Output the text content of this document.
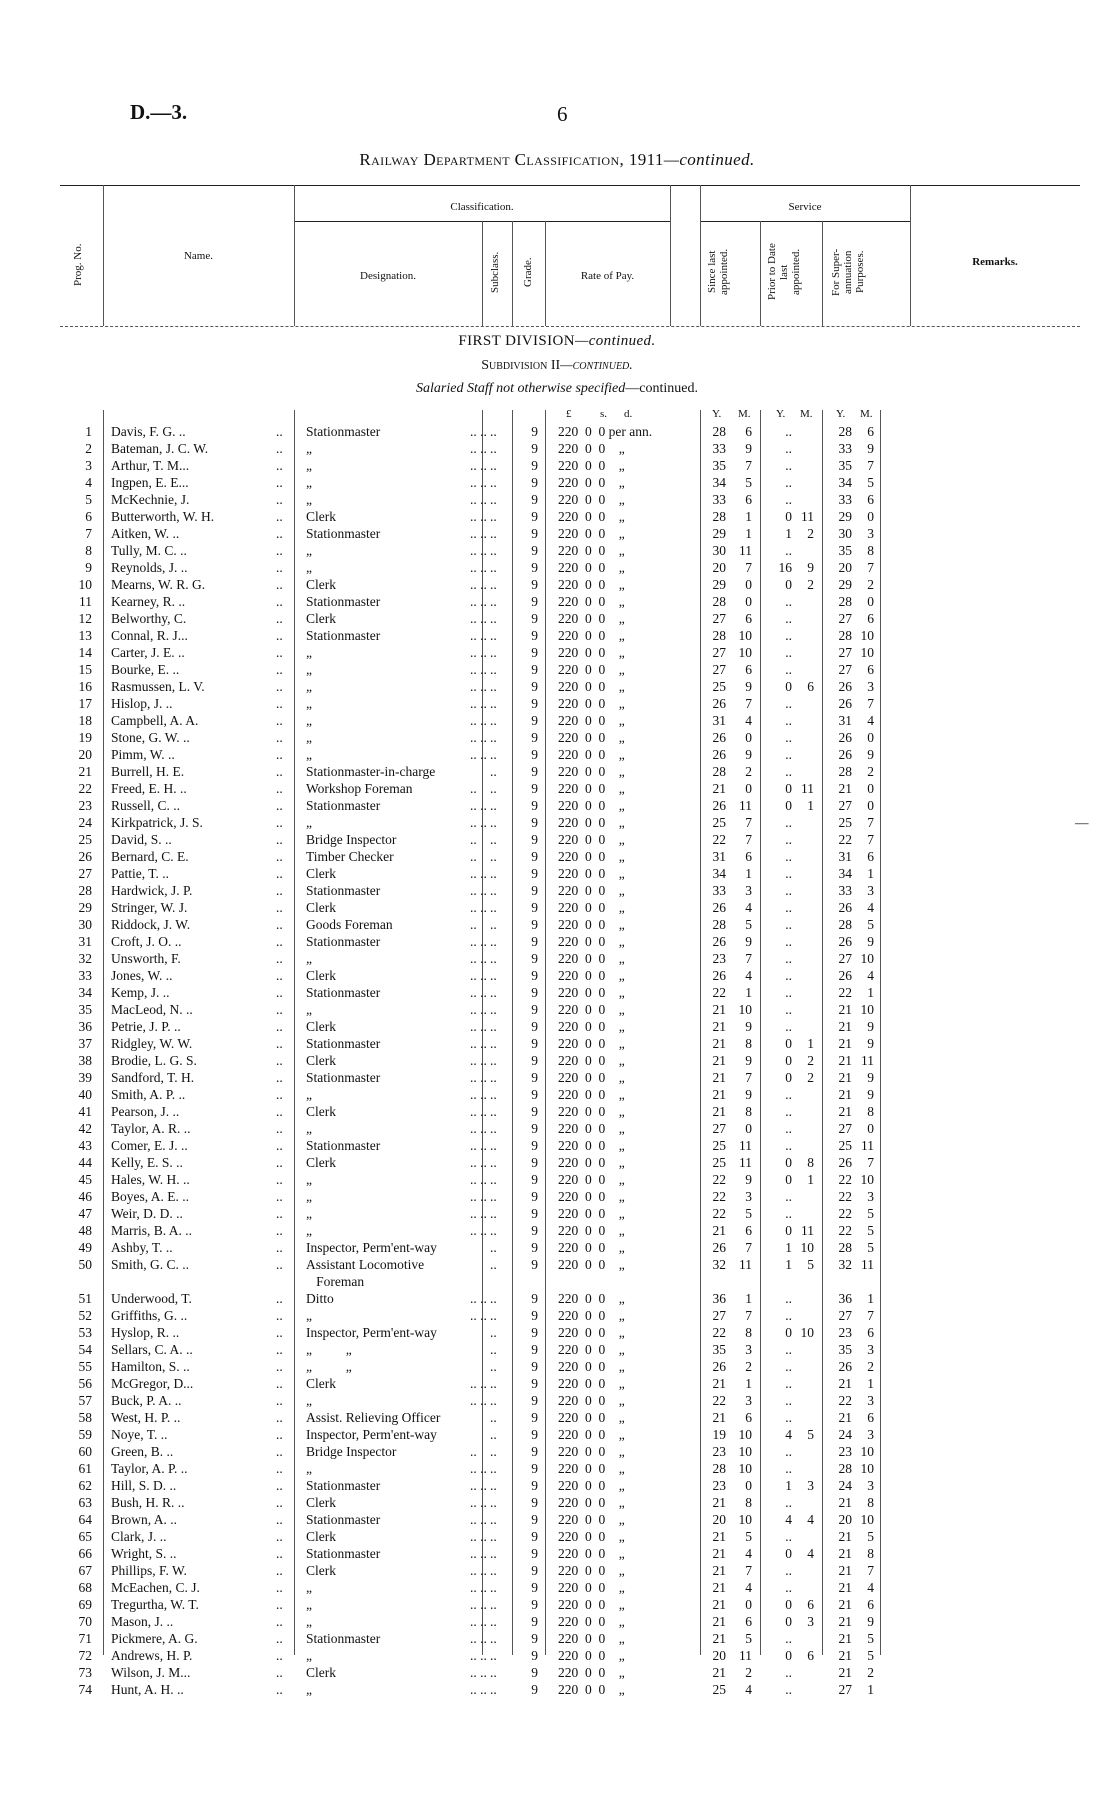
D.—3.	6
Railway Department Classification, 1911—continued.
Classification.	Service
Prog. No.	Name.
Designation.	Subclass. Grade.	Rate of Pay.	Since last
appointed.	Prior to Date
last
appointed.	For Super-
annuation
Purposes.	Remarks.
FIRST DIVISION—continued.
Subdivision II—continued.
Salaried Staff not otherwise specified—continued.
£	s. d.	Y. M. Y. M. Y. M.
1 Davis, F. G. ..	.. Stationmaster	.. .. ..	9 220  0  0 per ann.	28	6	..	28	6
2 Bateman, J. C. W.	.. „	.. .. ..	9 220  0  0    „	33	9	..	33	9
3 Arthur, T. M...	.. „	.. .. ..	9 220  0  0    „	35	7	..	35	7
4 Ingpen, E. E...	.. „	.. .. ..	9 220  0  0    „	34	5	..	34	5
5 McKechnie, J.	.. „	.. .. ..	9 220  0  0    „	33	6	..	33	6
6 Butterworth, W. H.	.. Clerk	.. .. ..	9 220  0  0    „	28	1	0 11	29	0
7 Aitken, W. ..	.. Stationmaster	.. .. ..	9 220  0  0    „	29	1	1	2	30	3
8 Tully, M. C. ..	.. „	.. .. ..	9 220  0  0    „	30 11	..	35	8
9 Reynolds, J. ..	.. „	.. .. ..	9 220  0  0    „	20	7	16	9	20	7
10 Mearns, W. R. G.	.. Clerk	.. .. ..	9 220  0  0    „	29	0	0	2	29	2
11 Kearney, R. ..	.. Stationmaster	.. .. ..	9 220  0  0    „	28	0	..	28	0
12 Belworthy, C.	.. Clerk	.. .. ..	9 220  0  0    „	27	6	..	27	6
13 Connal, R. J...	.. Stationmaster	.. .. ..	9 220  0  0    „	28 10	..	28 10
14 Carter, J. E. ..	.. „	.. .. ..	9 220  0  0    „	27 10	..	27 10
15 Bourke, E. ..	.. „	.. .. ..	9 220  0  0    „	27	6	..	27	6
16 Rasmussen, L. V.	.. „	.. .. ..	9 220  0  0    „	25	9	0	6	26	3
17 Hislop, J. ..	.. „	.. .. ..	9 220  0  0    „	26	7	..	26	7
18 Campbell, A. A.	.. „	.. .. ..	9 220  0  0    „	31	4	..	31	4
19 Stone, G. W. ..	.. „	.. .. ..	9 220  0  0    „	26	0	..	26	0
20 Pimm, W. ..	.. „	.. .. ..	9 220  0  0    „	26	9	..	26	9
21 Burrell, H. E.	.. Stationmaster-in-charge	..	9 220  0  0    „	28	2	..	28	2
22 Freed, E. H. ..	.. Workshop Foreman	.. ..	9 220  0  0    „	21	0	0 11	21	0
23 Russell, C. ..	.. Stationmaster	.. .. ..	9 220  0  0    „	26 11	0	1	27	0
24 Kirkpatrick, J. S.	.. „	.. .. ..	9 220  0  0    „	25	7	..	25	7	—
25 David, S. ..	.. Bridge Inspector	.. ..	9 220  0  0    „	22	7	..	22	7
26 Bernard, C. E.	.. Timber Checker	.. ..	9 220  0  0    „	31	6	..	31	6
27 Pattie, T. ..	.. Clerk	.. .. ..	9 220  0  0    „	34	1	..	34	1
28 Hardwick, J. P.	.. Stationmaster	.. .. ..	9 220  0  0    „	33	3	..	33	3
29 Stringer, W. J.	.. Clerk	.. .. ..	9 220  0  0    „	26	4	..	26	4
30 Riddock, J. W.	.. Goods Foreman	.. ..	9 220  0  0    „	28	5	..	28	5
31 Croft, J. O. ..	.. Stationmaster	.. .. ..	9 220  0  0    „	26	9	..	26	9
32 Unsworth, F.	.. „	.. .. ..	9 220  0  0    „	23	7	..	27 10
33 Jones, W. ..	.. Clerk	.. .. ..	9 220  0  0    „	26	4	..	26	4
34 Kemp, J. ..	.. Stationmaster	.. .. ..	9 220  0  0    „	22	1	..	22	1
35 MacLeod, N. ..	.. „	.. .. ..	9 220  0  0    „	21 10	..	21 10
36 Petrie, J. P. ..	.. Clerk	.. .. ..	9 220  0  0    „	21	9	..	21	9
37 Ridgley, W. W.	.. Stationmaster	.. .. ..	9 220  0  0    „	21	8	0	1	21	9
38 Brodie, L. G. S.	.. Clerk	.. .. ..	9 220  0  0    „	21	9	0	2	21 11
39 Sandford, T. H.	.. Stationmaster	.. .. ..	9 220  0  0    „	21	7	0	2	21	9
40 Smith, A. P. ..	.. „	.. .. ..	9 220  0  0    „	21	9	..	21	9
41 Pearson, J. ..	.. Clerk	.. .. ..	9 220  0  0    „	21	8	..	21	8
42 Taylor, A. R. ..	.. „	.. .. ..	9 220  0  0    „	27	0	..	27	0
43 Comer, E. J. ..	.. Stationmaster	.. .. ..	9 220  0  0    „	25 11	..	25 11
44 Kelly, E. S. ..	.. Clerk	.. .. ..	9 220  0  0    „	25 11	0	8	26	7
45 Hales, W. H. ..	.. „	.. .. ..	9 220  0  0    „	22	9	0	1	22 10
46 Boyes, A. E. ..	.. „	.. .. ..	9 220  0  0    „	22	3	..	22	3
47 Weir, D. D. ..	.. „	.. .. ..	9 220  0  0    „	22	5	..	22	5
48 Marris, B. A. ..	.. „	.. .. ..	9 220  0  0    „	21	6	0 11	22	5
49 Ashby, T. ..	.. Inspector, Perm'ent-way	..	9 220  0  0    „	26	7	1 10	28	5
50 Smith, G. C. ..	.. Assistant Locomotive	..	9 220  0  0    „	32 11	1	5	32 11
Foreman
51 Underwood, T.	.. Ditto	.. .. ..	9 220  0  0    „	36	1	..	36	1
52 Griffiths, G. ..	.. „	.. .. ..	9 220  0  0    „	27	7	..	27	7
53 Hyslop, R. ..	.. Inspector, Perm'ent-way	..	9 220  0  0    „	22	8	0 10	23	6
54 Sellars, C. A. ..	.. „          „	..	9 220  0  0    „	35	3	..	35	3
55 Hamilton, S. ..	.. „          „	..	9 220  0  0    „	26	2	..	26	2
56 McGregor, D...	.. Clerk	.. .. ..	9 220  0  0    „	21	1	..	21	1
57 Buck, P. A. ..	.. „	.. .. ..	9 220  0  0    „	22	3	..	22	3
58 West, H. P. ..	.. Assist. Relieving Officer	..	9 220  0  0    „	21	6	..	21	6
59 Noye, T. ..	.. Inspector, Perm'ent-way	..	9 220  0  0    „	19 10	4	5	24	3
60 Green, B. ..	.. Bridge Inspector	.. ..	9 220  0  0    „	23 10	..	23 10
61 Taylor, A. P. ..	.. „	.. .. ..	9 220  0  0    „	28 10	..	28 10
62 Hill, S. D. ..	.. Stationmaster	.. .. ..	9 220  0  0    „	23	0	1	3	24	3
63 Bush, H. R. ..	.. Clerk	.. .. ..	9 220  0  0    „	21	8	..	21	8
64 Brown, A. ..	.. Stationmaster	.. .. ..	9 220  0  0    „	20 10	4	4	20 10
65 Clark, J. ..	.. Clerk	.. .. ..	9 220  0  0    „	21	5	..	21	5
66 Wright, S. ..	.. Stationmaster	.. .. ..	9 220  0  0    „	21	4	0	4	21	8
67 Phillips, F. W.	.. Clerk	.. .. ..	9 220  0  0    „	21	7	..	21	7
68 McEachen, C. J.	.. „	.. .. ..	9 220  0  0    „	21	4	..	21	4
69 Tregurtha, W. T.	.. „	.. .. ..	9 220  0  0    „	21	0	0	6	21	6
70 Mason, J. ..	.. „	.. .. ..	9 220  0  0    „	21	6	0	3	21	9
71 Pickmere, A. G.	.. Stationmaster	.. .. ..	9 220  0  0    „	21	5	..	21	5
72 Andrews, H. P.	.. „	.. .. ..	9 220  0  0    „	20 11	0	6	21	5
73 Wilson, J. M...	.. Clerk	.. .. ..	9 220  0  0    „	21	2	..	21	2
74 Hunt, A. H. ..	.. „	.. .. ..	9 220  0  0    „	25	4	..	27	1
